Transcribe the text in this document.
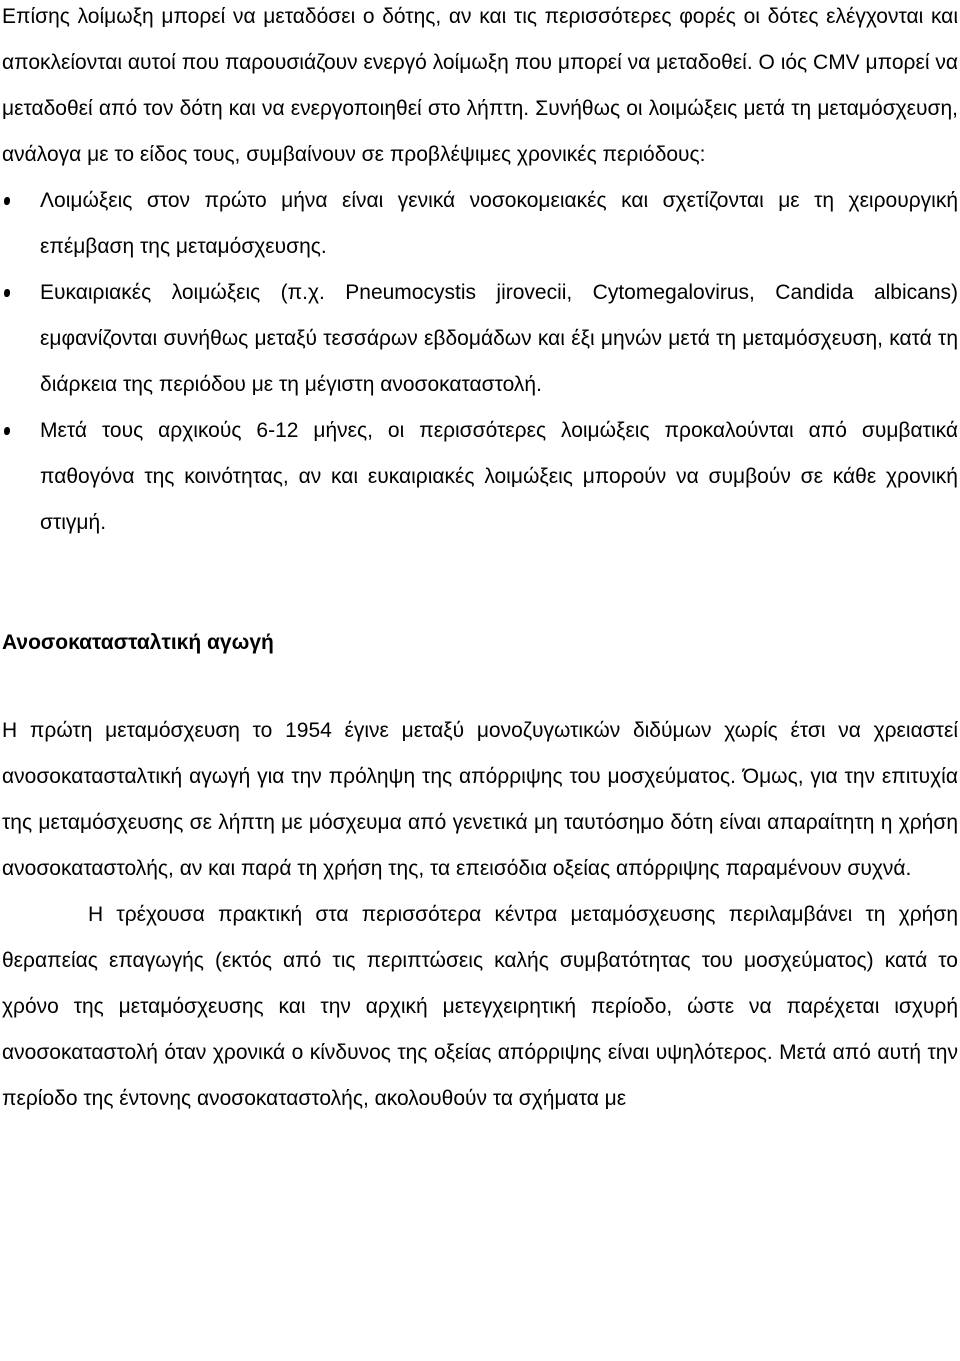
Επίσης λοίμωξη μπορεί να μεταδόσει ο δότης, αν και τις περισσότερες φορές οι δότες ελέγχονται και αποκλείονται αυτοί που παρουσιάζουν ενεργό λοίμωξη που μπορεί να μεταδοθεί. Ο ιός CMV μπορεί να μεταδοθεί από τον δότη και να ενεργοποιηθεί στο λήπτη. Συνήθως οι λοιμώξεις μετά τη μεταμόσχευση, ανάλογα με το είδος τους, συμβαίνουν σε προβλέψιμες χρονικές περιόδους:

Λοιμώξεις στον πρώτο μήνα είναι γενικά νοσοκομειακές και σχετίζονται με τη χειρουργική επέμβαση της μεταμόσχευσης.
Ευκαιριακές λοιμώξεις (π.χ. Pneumocystis jirovecii, Cytomegalovirus, Candida albicans) εμφανίζονται συνήθως μεταξύ τεσσάρων εβδομάδων και έξι μηνών μετά τη μεταμόσχευση, κατά τη διάρκεια της περιόδου με τη μέγιστη ανοσοκαταστολή.
Μετά τους αρχικούς 6-12 μήνες, οι περισσότερες λοιμώξεις προκαλούνται από συμβατικά παθογόνα της κοινότητας, αν και ευκαιριακές λοιμώξεις μπορούν να συμβούν σε κάθε χρονική στιγμή.
Ανοσοκατασταλτική αγωγή

Η πρώτη μεταμόσχευση το 1954 έγινε μεταξύ μονοζυγωτικών διδύμων χωρίς έτσι να χρειαστεί ανοσοκατασταλτική αγωγή για την πρόληψη της απόρριψης του μοσχεύματος. Όμως, για την επιτυχία της μεταμόσχευσης σε λήπτη με μόσχευμα από γενετικά μη ταυτόσημο δότη είναι απαραίτητη η χρήση ανοσοκαταστολής, αν και παρά τη χρήση της, τα επεισόδια οξείας απόρριψης παραμένουν συχνά.

Η τρέχουσα πρακτική στα περισσότερα κέντρα μεταμόσχευσης περιλαμβάνει τη χρήση θεραπείας επαγωγής (εκτός από τις περιπτώσεις καλής συμβατότητας του μοσχεύματος) κατά το χρόνο της μεταμόσχευσης και την αρχική μετεγχειρητική περίοδο, ώστε να παρέχεται ισχυρή ανοσοκαταστολή όταν χρονικά ο κίνδυνος της οξείας απόρριψης είναι υψηλότερος. Μετά από αυτή την περίοδο της έντονης ανοσοκαταστολής, ακολουθούν τα σχήματα με
